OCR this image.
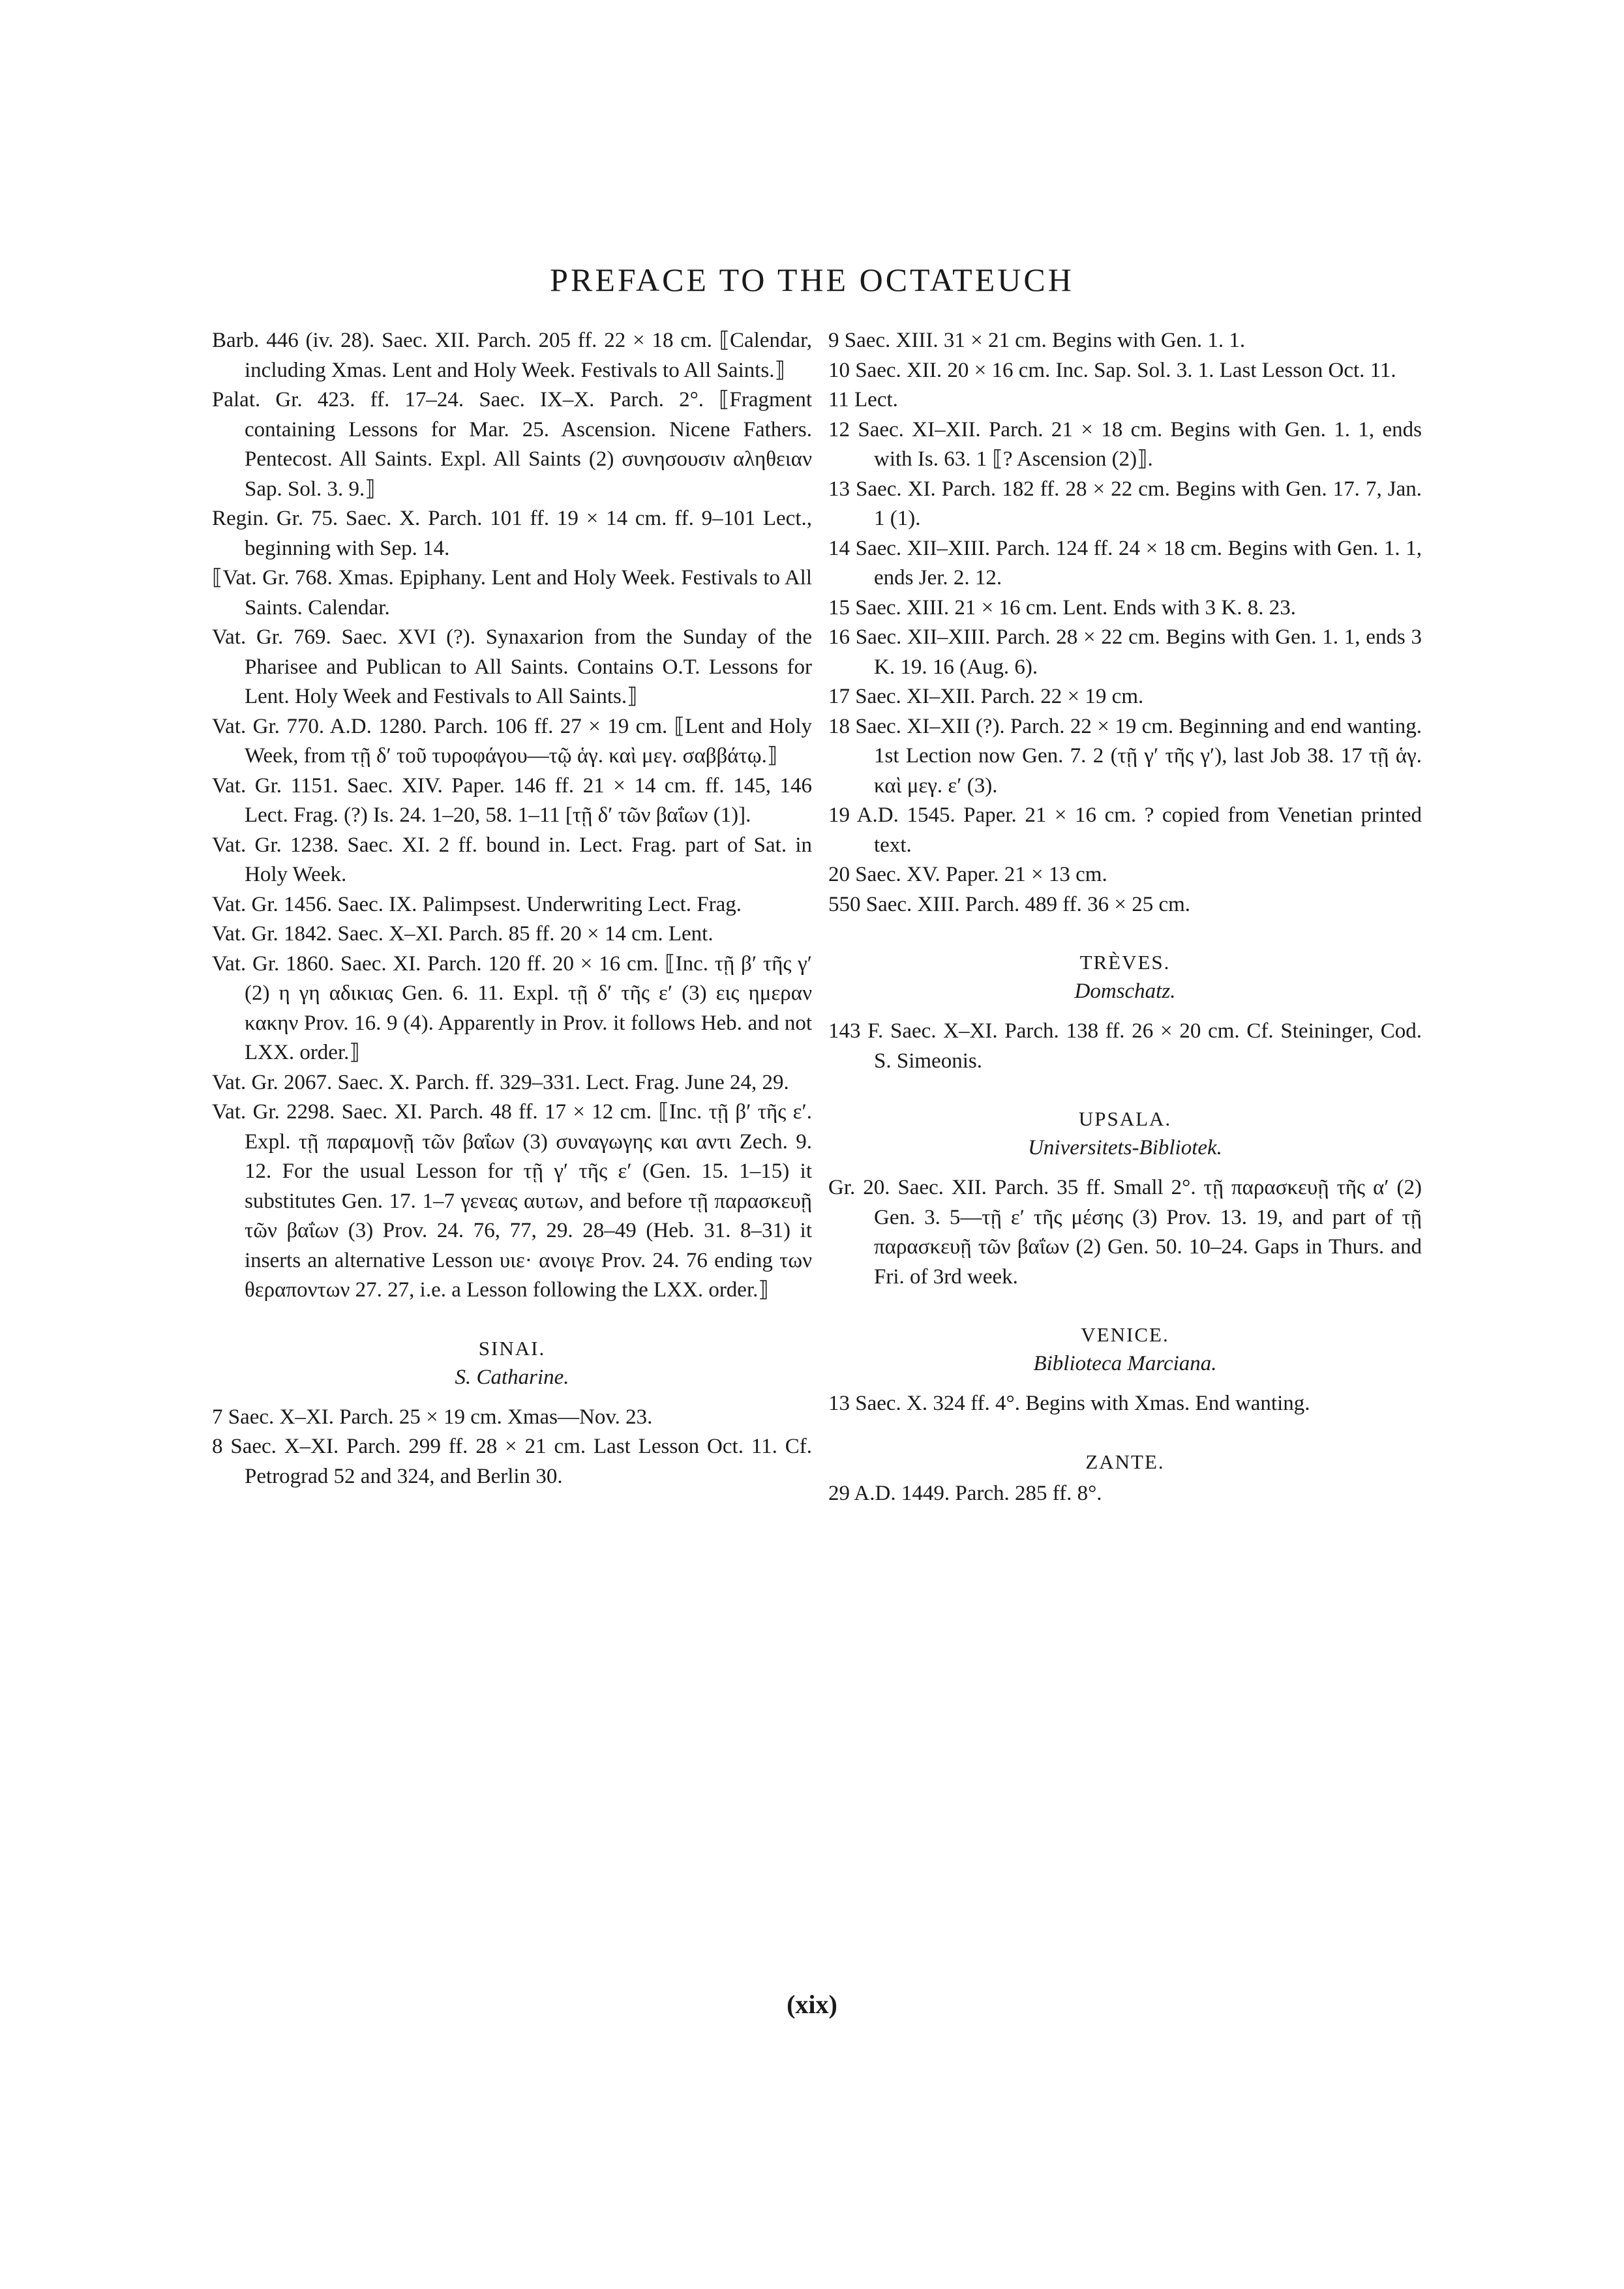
PREFACE TO THE OCTATEUCH

Barb. 446 (iv. 28). Saec. XII. Parch. 205 ff. 22 × 18 cm. ⟦Calendar, including Xmas. Lent and Holy Week. Festivals to All Saints.⟧

Palat. Gr. 423. ff. 17–24. Saec. IX–X. Parch. 2°. ⟦Fragment containing Lessons for Mar. 25. Ascension. Nicene Fathers. Pentecost. All Saints. Expl. All Saints (2) συνησουσιν αληθειαν Sap. Sol. 3. 9.⟧

Regin. Gr. 75. Saec. X. Parch. 101 ff. 19 × 14 cm. ff. 9–101 Lect., beginning with Sep. 14.

⟦Vat. Gr. 768. Xmas. Epiphany. Lent and Holy Week. Festivals to All Saints. Calendar.

Vat. Gr. 769. Saec. XVI (?). Synaxarion from the Sunday of the Pharisee and Publican to All Saints. Contains O.T. Lessons for Lent. Holy Week and Festivals to All Saints.⟧

Vat. Gr. 770. A.D. 1280. Parch. 106 ff. 27 × 19 cm. ⟦Lent and Holy Week, from τῇ δ′ τοῦ τυροφάγου—τῷ ἁγ. καὶ μεγ. σαββάτῳ.⟧

Vat. Gr. 1151. Saec. XIV. Paper. 146 ff. 21 × 14 cm. ff. 145, 146 Lect. Frag. (?) Is. 24. 1–20, 58. 1–11 [τῇ δ′ τῶν βαΐων (1)].

Vat. Gr. 1238. Saec. XI. 2 ff. bound in. Lect. Frag. part of Sat. in Holy Week.

Vat. Gr. 1456. Saec. IX. Palimpsest. Underwriting Lect. Frag.

Vat. Gr. 1842. Saec. X–XI. Parch. 85 ff. 20 × 14 cm. Lent.

Vat. Gr. 1860. Saec. XI. Parch. 120 ff. 20 × 16 cm. ⟦Inc. τῇ β′ τῆς γ′ (2) η γη αδικιας Gen. 6. 11. Expl. τῇ δ′ τῆς ε′ (3) εις ημεραν κακην Prov. 16. 9 (4). Apparently in Prov. it follows Heb. and not LXX. order.⟧

Vat. Gr. 2067. Saec. X. Parch. ff. 329–331. Lect. Frag. June 24, 29.

Vat. Gr. 2298. Saec. XI. Parch. 48 ff. 17 × 12 cm. ⟦Inc. τῇ β′ τῆς ε′. Expl. τῇ παραμονῇ τῶν βαΐων (3) συναγωγης και αντι Zech. 9. 12. For the usual Lesson for τῇ γ′ τῆς ε′ (Gen. 15. 1–15) it substitutes Gen. 17. 1–7 γενεας αυτων, and before τῇ παρασκευῇ τῶν βαΐων (3) Prov. 24. 76, 77, 29. 28–49 (Heb. 31. 8–31) it inserts an alternative Lesson υιε· ανοιγε Prov. 24. 76 ending των θεραποντων 27. 27, i.e. a Lesson following the LXX. order.⟧

SINAI.
S. Catharine.

7 Saec. X–XI. Parch. 25 × 19 cm. Xmas—Nov. 23.

8 Saec. X–XI. Parch. 299 ff. 28 × 21 cm. Last Lesson Oct. 11. Cf. Petrograd 52 and 324, and Berlin 30.

9 Saec. XIII. 31 × 21 cm. Begins with Gen. 1. 1.

10 Saec. XII. 20 × 16 cm. Inc. Sap. Sol. 3. 1. Last Lesson Oct. 11.

11 Lect.

12 Saec. XI–XII. Parch. 21 × 18 cm. Begins with Gen. 1. 1, ends with Is. 63. 1 ⟦? Ascension (2)⟧.

13 Saec. XI. Parch. 182 ff. 28 × 22 cm. Begins with Gen. 17. 7, Jan. 1 (1).

14 Saec. XII–XIII. Parch. 124 ff. 24 × 18 cm. Begins with Gen. 1. 1, ends Jer. 2. 12.

15 Saec. XIII. 21 × 16 cm. Lent. Ends with 3 K. 8. 23.

16 Saec. XII–XIII. Parch. 28 × 22 cm. Begins with Gen. 1. 1, ends 3 K. 19. 16 (Aug. 6).

17 Saec. XI–XII. Parch. 22 × 19 cm.

18 Saec. XI–XII (?). Parch. 22 × 19 cm. Beginning and end wanting. 1st Lection now Gen. 7. 2 (τῇ γ′ τῆς γ′), last Job 38. 17 τῇ ἁγ. καὶ μεγ. ε′ (3).

19 A.D. 1545. Paper. 21 × 16 cm. ? copied from Venetian printed text.

20 Saec. XV. Paper. 21 × 13 cm.

550 Saec. XIII. Parch. 489 ff. 36 × 25 cm.

TRÈVES.
Domschatz.

143 F. Saec. X–XI. Parch. 138 ff. 26 × 20 cm. Cf. Steininger, Cod. S. Simeonis.

UPSALA.
Universitets-Bibliotek.

Gr. 20. Saec. XII. Parch. 35 ff. Small 2°. τῇ παρασκευῇ τῆς α′ (2) Gen. 3. 5—τῇ ε′ τῆς μέσης (3) Prov. 13. 19, and part of τῇ παρασκευῇ τῶν βαΐων (2) Gen. 50. 10–24. Gaps in Thurs. and Fri. of 3rd week.

VENICE.
Biblioteca Marciana.

13 Saec. X. 324 ff. 4°. Begins with Xmas. End wanting.

ZANTE.

29 A.D. 1449. Parch. 285 ff. 8°.

(xix)
